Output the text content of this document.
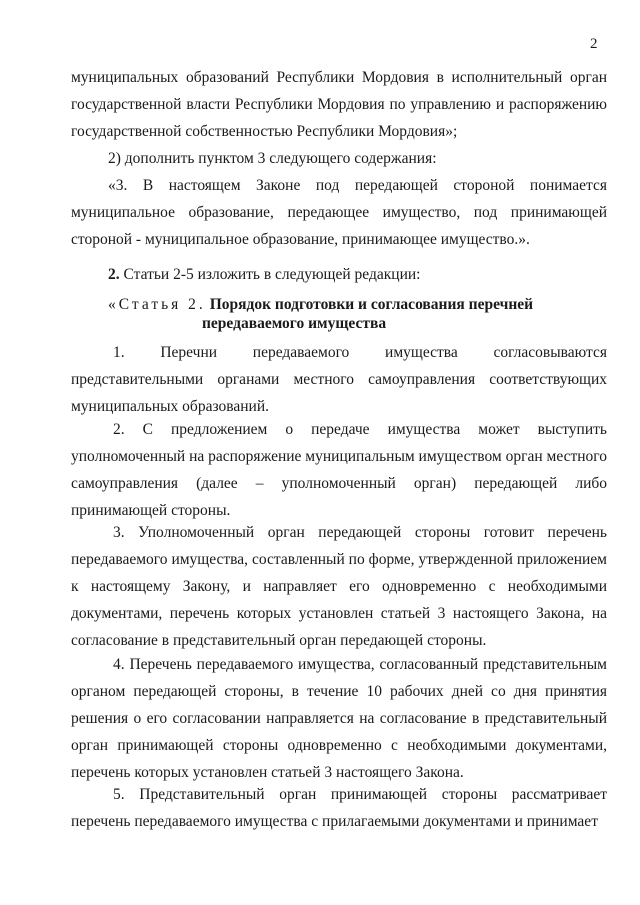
2

муниципальных образований Республики Мордовия в исполнительный орган государственной власти Республики Мордовия по управлению и распоряжению государственной собственностью Республики Мордовия»;

2) дополнить пунктом 3 следующего содержания:

«3. В настоящем Законе под передающей стороной понимается муниципальное образование, передающее имущество, под принимающей стороной - муниципальное образование, принимающее имущество.».

2. Статьи 2-5 изложить в следующей редакции:

«Статья 2. Порядок подготовки и согласования перечней
передаваемого имущества

1. Перечни передаваемого имущества согласовываются представительными органами местного самоуправления соответствующих муниципальных образований.

2. С предложением о передаче имущества может выступить уполномоченный на распоряжение муниципальным имуществом орган местного самоуправления (далее – уполномоченный орган) передающей либо принимающей стороны.

3. Уполномоченный орган передающей стороны готовит перечень передаваемого имущества, составленный по форме, утвержденной приложением к настоящему Закону, и направляет его одновременно с необходимыми документами, перечень которых установлен статьей 3 настоящего Закона, на согласование в представительный орган передающей стороны.

4. Перечень передаваемого имущества, согласованный представительным органом передающей стороны, в течение 10 рабочих дней со дня принятия решения о его согласовании направляется на согласование в представительный орган принимающей стороны одновременно с необходимыми документами, перечень которых установлен статьей 3 настоящего Закона.

5. Представительный орган принимающей стороны рассматривает перечень передаваемого имущества с прилагаемыми документами и принимает
